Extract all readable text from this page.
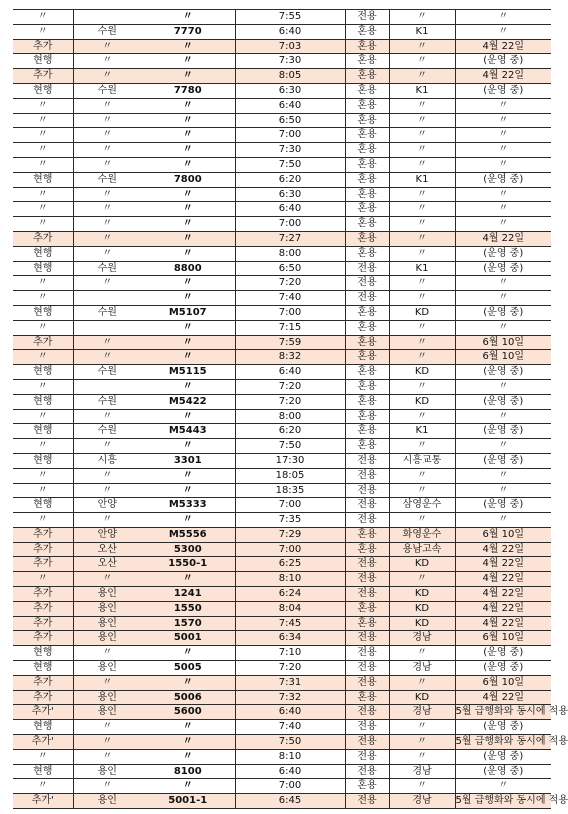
〃		〃	7:55	전용	〃	〃
〃	수원	7770	6:40	혼용	K1	〃
추가	〃	〃	7:03	혼용	〃	4월 22일
현행	〃	〃	7:30	혼용	〃	(운영 중)
추가	〃	〃	8:05	혼용	〃	4월 22일
현행	수원	7780	6:30	혼용	K1	(운영 중)
〃	〃	〃	6:40	혼용	〃	〃
〃	〃	〃	6:50	혼용	〃	〃
〃	〃	〃	7:00	혼용	〃	〃
〃	〃	〃	7:30	혼용	〃	〃
〃	〃	〃	7:50	혼용	〃	〃
현행	수원	7800	6:20	혼용	K1	(운영 중)
〃	〃	〃	6:30	혼용	〃	〃
〃	〃	〃	6:40	혼용	〃	〃
〃	〃	〃	7:00	혼용	〃	〃
추가	〃	〃	7:27	혼용	〃	4월 22일
현행	〃	〃	8:00	혼용	〃	(운영 중)
현행	수원	8800	6:50	전용	K1	(운영 중)
〃	〃	〃	7:20	전용	〃	〃
〃		〃	7:40	전용	〃	〃
현행	수원	M5107	7:00	혼용	KD	(운영 중)
〃		〃	7:15	혼용	〃	〃
추가	〃	〃	7:59	혼용	〃	6월 10일
〃	〃	〃	8:32	혼용	〃	6월 10일
현행	수원	M5115	6:40	혼용	KD	(운영 중)
〃		〃	7:20	혼용	〃	〃
현행	수원	M5422	7:20	혼용	KD	(운영 중)
〃	〃	〃	8:00	혼용	〃	〃
현행	수원	M5443	6:20	혼용	K1	(운영 중)
〃	〃	〃	7:50	혼용	〃	〃
현행	시흥	3301	17:30	전용	시흥교통	(운영 중)
〃	〃	〃	18:05	전용	〃	〃
〃	〃	〃	18:35	전용	〃	〃
현행	안양	M5333	7:00	전용	삼영운수	(운영 중)
〃	〃	〃	7:35	전용	〃	〃
추가	안양	M5556	7:29	혼용	화영운수	6월 10일
추가	오산	5300	7:00	혼용	용남고속	4월 22일
추가	오산	1550-1	6:25	전용	KD	4월 22일
〃	〃	〃	8:10	전용	〃	4월 22일
추가	용인	1241	6:24	전용	KD	4월 22일
추가	용인	1550	8:04	혼용	KD	4월 22일
추가	용인	1570	7:45	혼용	KD	4월 22일
추가	용인	5001	6:34	전용	경남	6월 10일
현행	〃	〃	7:10	전용	〃	(운영 중)
현행	용인	5005	7:20	전용	경남	(운영 중)
추가	〃	〃	7:31	전용	〃	6월 10일
추가	용인	5006	7:32	혼용	KD	4월 22일
추가'	용인	5600	6:40	전용	경남	5월 급행화와 동시에 적용
현행	〃	〃	7:40	전용	〃	(운영 중)
추가'	〃	〃	7:50	전용	〃	5월 급행화와 동시에 적용
〃	〃	〃	8:10	전용	〃	(운영 중)
현행	용인	8100	6:40	전용	경남	(운영 중)
〃	〃	〃	7:00	혼용	〃	〃
추가'	용인	5001-1	6:45	전용	경남	5월 급행화와 동시에 적용
